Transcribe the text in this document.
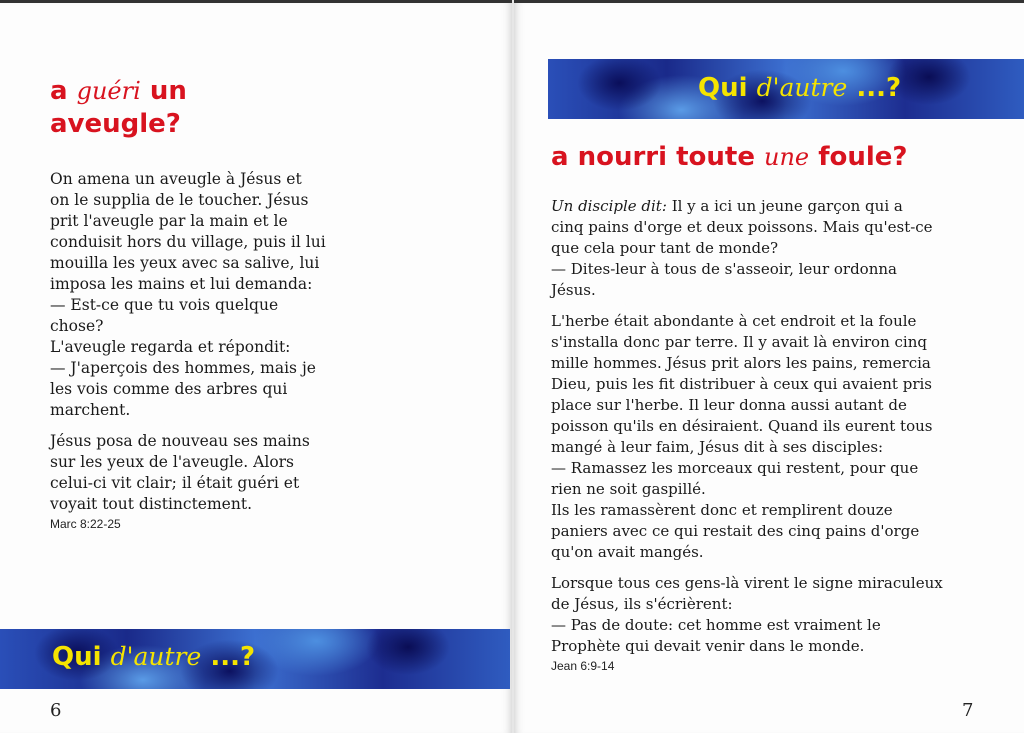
a guéri un
aveugle?

On amena un aveugle à Jésus et
on le supplia de le toucher. Jésus
prit l'aveugle par la main et le
conduisit hors du village, puis il lui
mouilla les yeux avec sa salive, lui
imposa les mains et lui demanda:
— Est-ce que tu vois quelque
chose?
L'aveugle regarda et répondit:
— J'aperçois des hommes, mais je
les vois comme des arbres qui
marchent.

Jésus posa de nouveau ses mains
sur les yeux de l'aveugle. Alors
celui-ci vit clair; il était guéri et
voyait tout distinctement.

Marc 8:22-25

Qui d'autre ...?
6
Qui d'autre ...?
a nourri toute une foule?

Un disciple dit: Il y a ici un jeune garçon qui a
cinq pains d'orge et deux poissons. Mais qu'est-ce
que cela pour tant de monde?
— Dites-leur à tous de s'asseoir, leur ordonna
Jésus.

L'herbe était abondante à cet endroit et la foule
s'installa donc par terre. Il y avait là environ cinq
mille hommes. Jésus prit alors les pains, remercia
Dieu, puis les fit distribuer à ceux qui avaient pris
place sur l'herbe. Il leur donna aussi autant de
poisson qu'ils en désiraient. Quand ils eurent tous
mangé à leur faim, Jésus dit à ses disciples:
— Ramassez les morceaux qui restent, pour que
rien ne soit gaspillé.
Ils les ramassèrent donc et remplirent douze
paniers avec ce qui restait des cinq pains d'orge
qu'on avait mangés.

Lorsque tous ces gens-là virent le signe miraculeux
de Jésus, ils s'écrièrent:
— Pas de doute: cet homme est vraiment le
Prophète qui devait venir dans le monde.

Jean 6:9-14

7
